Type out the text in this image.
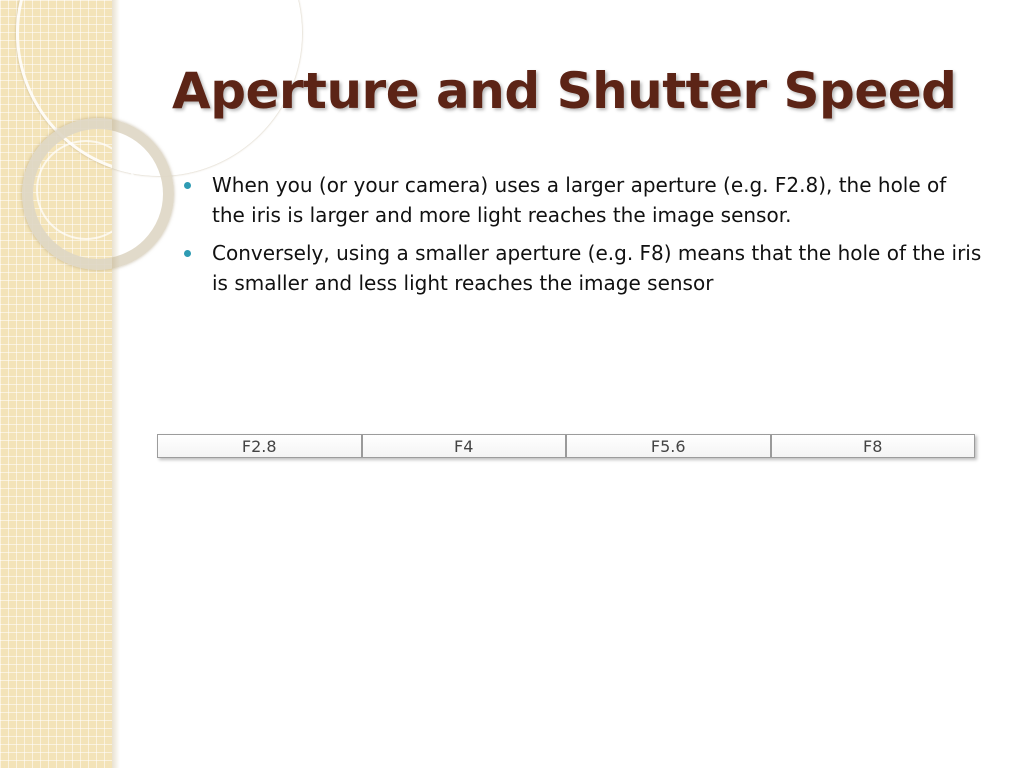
Aperture and Shutter Speed
When you (or your camera) uses a larger aperture (e.g. F2.8), the hole of the iris is larger and more light reaches the image sensor.
Conversely, using a smaller aperture (e.g. F8) means that the hole of the iris is smaller and less light reaches the image sensor
F2.8	F4	F5.6	F8
